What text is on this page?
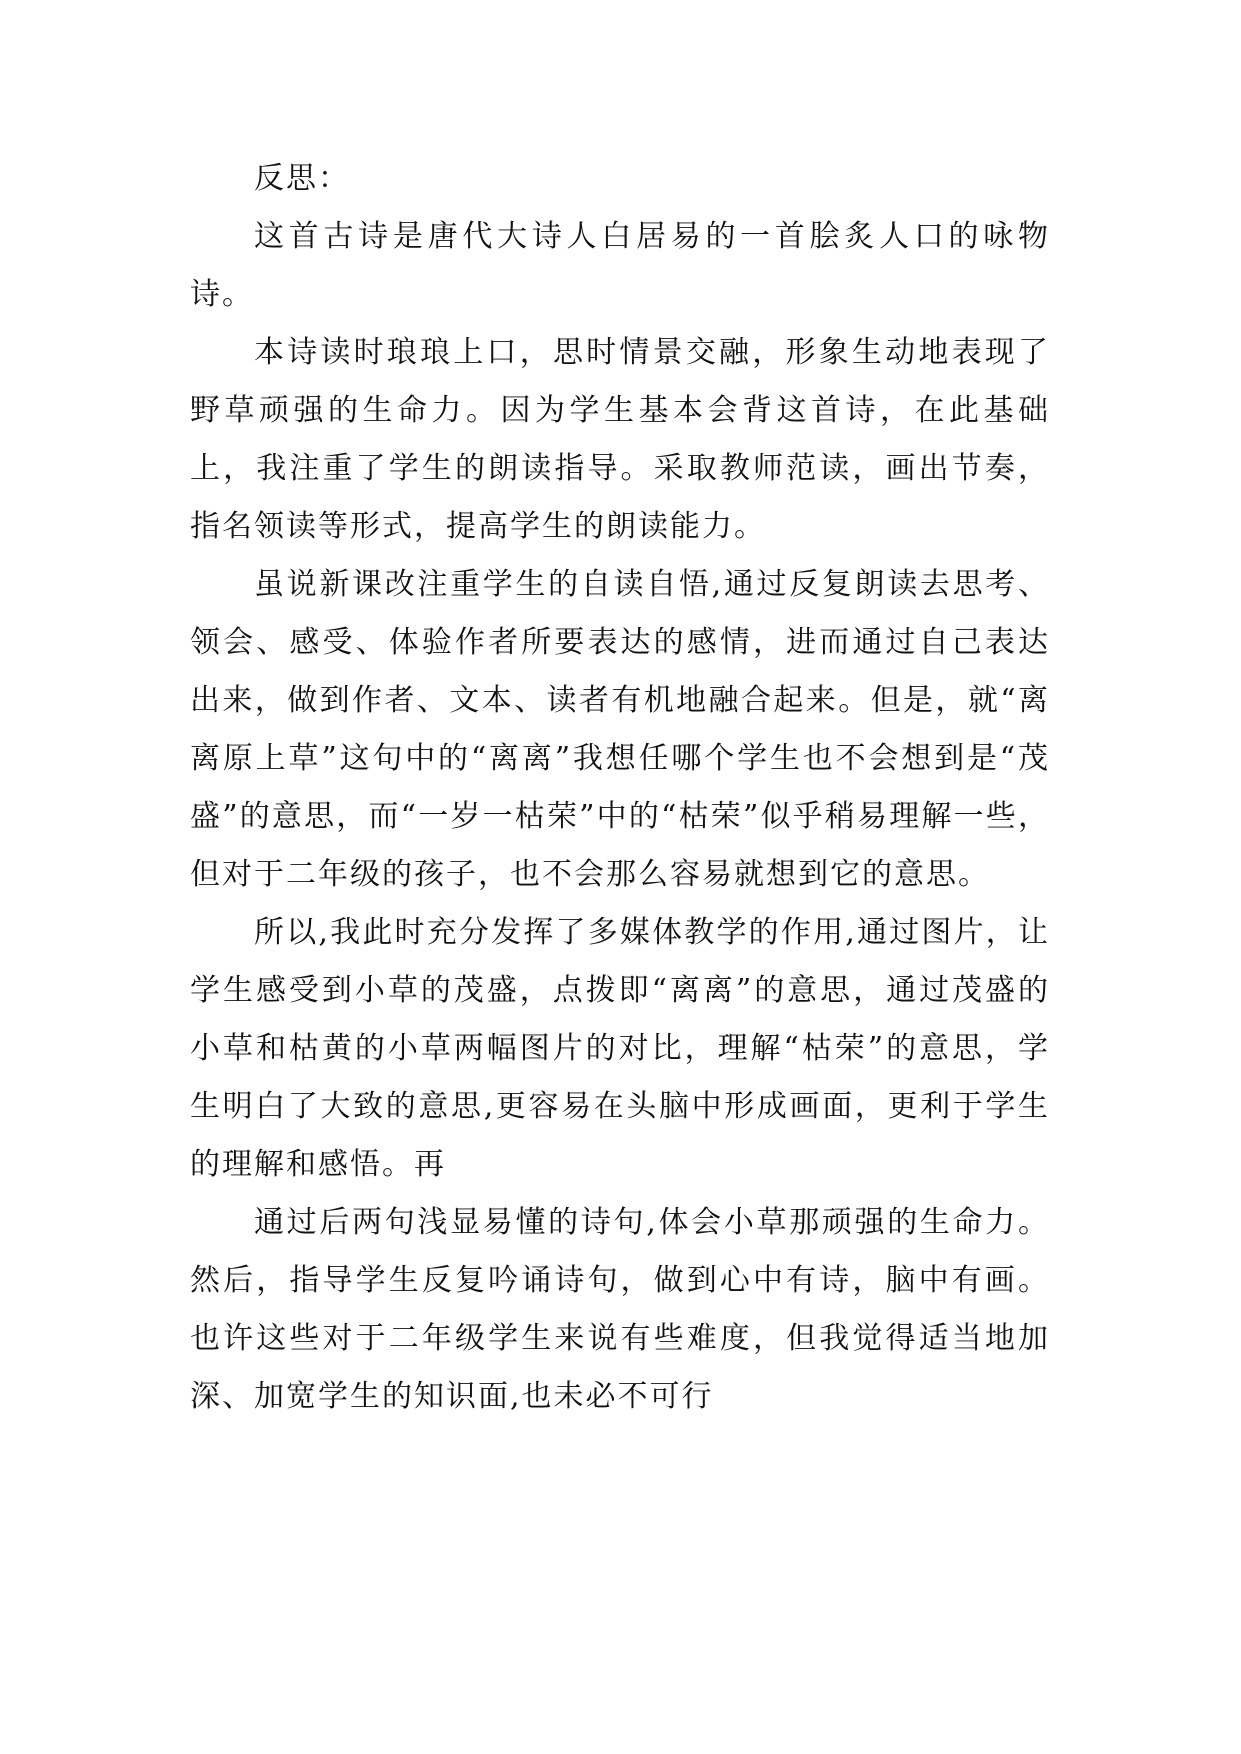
反思：

这首古诗是唐代大诗人白居易的一首脍炙人口的咏物诗。

本诗读时琅琅上口，思时情景交融，形象生动地表现了野草顽强的生命力。因为学生基本会背这首诗，在此基础上，我注重了学生的朗读指导。采取教师范读，画出节奏，指名领读等形式，提高学生的朗读能力。

虽说新课改注重学生的自读自悟,通过反复朗读去思考、领会、感受、体验作者所要表达的感情，进而通过自己表达出来，做到作者、文本、读者有机地融合起来。但是，就“离离原上草”这句中的“离离”我想任哪个学生也不会想到是“茂盛”的意思，而“一岁一枯荣”中的“枯荣”似乎稍易理解一些，但对于二年级的孩子，也不会那么容易就想到它的意思。

所以,我此时充分发挥了多媒体教学的作用,通过图片，让学生感受到小草的茂盛，点拨即“离离”的意思，通过茂盛的小草和枯黄的小草两幅图片的对比，理解“枯荣”的意思，学生明白了大致的意思,更容易在头脑中形成画面，更利于学生的理解和感悟。再

通过后两句浅显易懂的诗句,体会小草那顽强的生命力。然后，指导学生反复吟诵诗句，做到心中有诗，脑中有画。也许这些对于二年级学生来说有些难度，但我觉得适当地加深、加宽学生的知识面,也未必不可行
